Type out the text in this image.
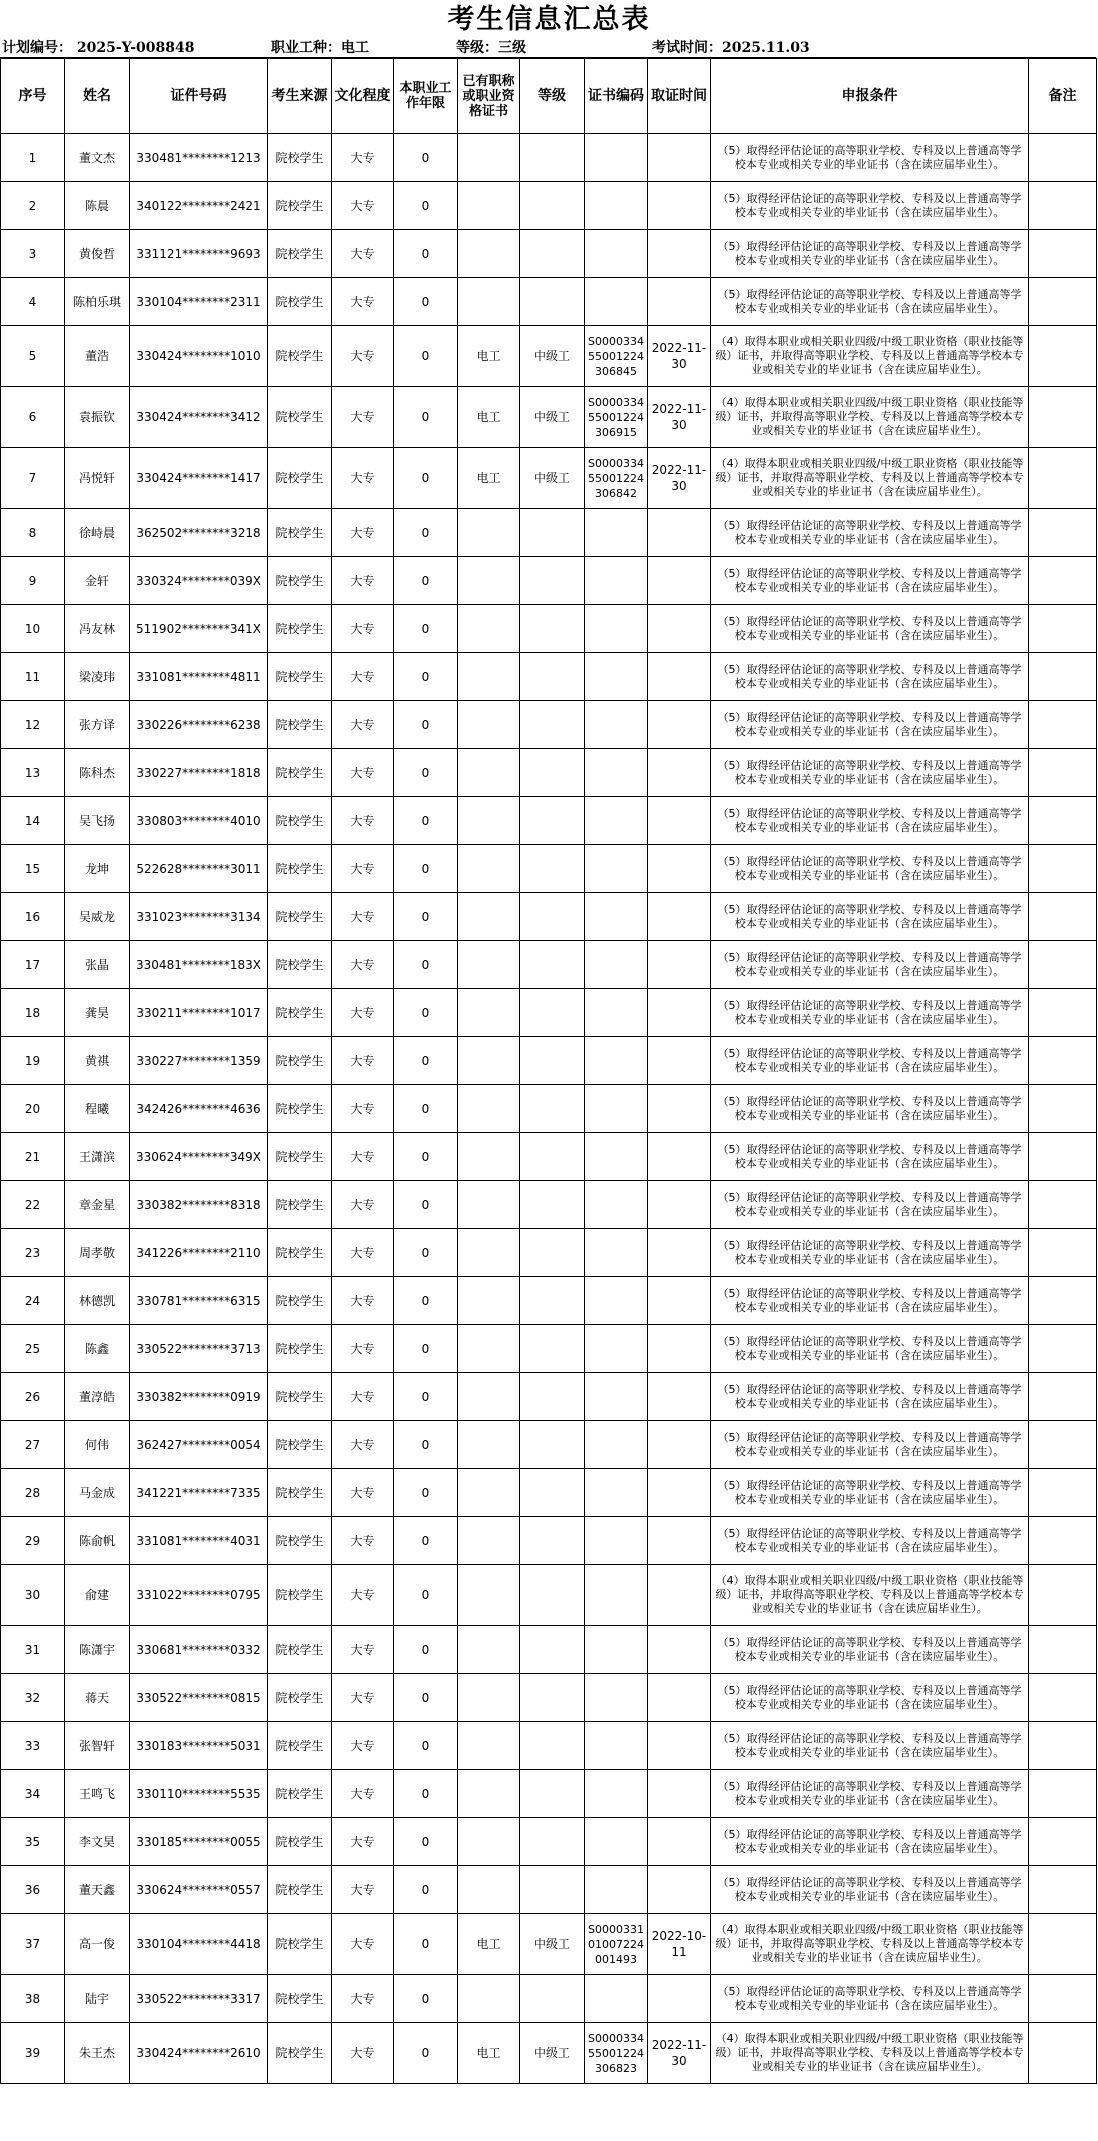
考生信息汇总表
计划编号： 2025-Y-008848	职业工种：电工	等级：三级	考试时间：2025.11.03
序号	姓名	证件号码	考生来源	文化程度	本职业工作年限	已有职称或职业资格证书	等级	证书编码	取证时间	申报条件	备注
1	董文杰	330481********1213	院校学生	大专	0					（5）取得经评估论证的高等职业学校、专科及以上普通高等学校本专业或相关专业的毕业证书（含在读应届毕业生）。	
2	陈晨	340122********2421	院校学生	大专	0					（5）取得经评估论证的高等职业学校、专科及以上普通高等学校本专业或相关专业的毕业证书（含在读应届毕业生）。	
3	黄俊哲	331121********9693	院校学生	大专	0					（5）取得经评估论证的高等职业学校、专科及以上普通高等学校本专业或相关专业的毕业证书（含在读应届毕业生）。	
4	陈柏乐琪	330104********2311	院校学生	大专	0					（5）取得经评估论证的高等职业学校、专科及以上普通高等学校本专业或相关专业的毕业证书（含在读应届毕业生）。	
5	董浩	330424********1010	院校学生	大专	0	电工	中级工	S000033455001224306845	2022-11-30	（4）取得本职业或相关职业四级/中级工职业资格（职业技能等级）证书，并取得高等职业学校、专科及以上普通高等学校本专业或相关专业的毕业证书（含在读应届毕业生）。	
6	袁振钦	330424********3412	院校学生	大专	0	电工	中级工	S000033455001224306915	2022-11-30	（4）取得本职业或相关职业四级/中级工职业资格（职业技能等级）证书，并取得高等职业学校、专科及以上普通高等学校本专业或相关专业的毕业证书（含在读应届毕业生）。	
7	冯悦轩	330424********1417	院校学生	大专	0	电工	中级工	S000033455001224306842	2022-11-30	（4）取得本职业或相关职业四级/中级工职业资格（职业技能等级）证书，并取得高等职业学校、专科及以上普通高等学校本专业或相关专业的毕业证书（含在读应届毕业生）。	
8	徐峙晨	362502********3218	院校学生	大专	0					（5）取得经评估论证的高等职业学校、专科及以上普通高等学校本专业或相关专业的毕业证书（含在读应届毕业生）。	
9	金轩	330324********039X	院校学生	大专	0					（5）取得经评估论证的高等职业学校、专科及以上普通高等学校本专业或相关专业的毕业证书（含在读应届毕业生）。	
10	冯友林	511902********341X	院校学生	大专	0					（5）取得经评估论证的高等职业学校、专科及以上普通高等学校本专业或相关专业的毕业证书（含在读应届毕业生）。	
11	梁凌玮	331081********4811	院校学生	大专	0					（5）取得经评估论证的高等职业学校、专科及以上普通高等学校本专业或相关专业的毕业证书（含在读应届毕业生）。	
12	张方译	330226********6238	院校学生	大专	0					（5）取得经评估论证的高等职业学校、专科及以上普通高等学校本专业或相关专业的毕业证书（含在读应届毕业生）。	
13	陈科杰	330227********1818	院校学生	大专	0					（5）取得经评估论证的高等职业学校、专科及以上普通高等学校本专业或相关专业的毕业证书（含在读应届毕业生）。	
14	吴飞扬	330803********4010	院校学生	大专	0					（5）取得经评估论证的高等职业学校、专科及以上普通高等学校本专业或相关专业的毕业证书（含在读应届毕业生）。	
15	龙坤	522628********3011	院校学生	大专	0					（5）取得经评估论证的高等职业学校、专科及以上普通高等学校本专业或相关专业的毕业证书（含在读应届毕业生）。	
16	吴威龙	331023********3134	院校学生	大专	0					（5）取得经评估论证的高等职业学校、专科及以上普通高等学校本专业或相关专业的毕业证书（含在读应届毕业生）。	
17	张晶	330481********183X	院校学生	大专	0					（5）取得经评估论证的高等职业学校、专科及以上普通高等学校本专业或相关专业的毕业证书（含在读应届毕业生）。	
18	龚昊	330211********1017	院校学生	大专	0					（5）取得经评估论证的高等职业学校、专科及以上普通高等学校本专业或相关专业的毕业证书（含在读应届毕业生）。	
19	黄祺	330227********1359	院校学生	大专	0					（5）取得经评估论证的高等职业学校、专科及以上普通高等学校本专业或相关专业的毕业证书（含在读应届毕业生）。	
20	程曦	342426********4636	院校学生	大专	0					（5）取得经评估论证的高等职业学校、专科及以上普通高等学校本专业或相关专业的毕业证书（含在读应届毕业生）。	
21	王潇滨	330624********349X	院校学生	大专	0					（5）取得经评估论证的高等职业学校、专科及以上普通高等学校本专业或相关专业的毕业证书（含在读应届毕业生）。	
22	章金星	330382********8318	院校学生	大专	0					（5）取得经评估论证的高等职业学校、专科及以上普通高等学校本专业或相关专业的毕业证书（含在读应届毕业生）。	
23	周孝敬	341226********2110	院校学生	大专	0					（5）取得经评估论证的高等职业学校、专科及以上普通高等学校本专业或相关专业的毕业证书（含在读应届毕业生）。	
24	林德凯	330781********6315	院校学生	大专	0					（5）取得经评估论证的高等职业学校、专科及以上普通高等学校本专业或相关专业的毕业证书（含在读应届毕业生）。	
25	陈鑫	330522********3713	院校学生	大专	0					（5）取得经评估论证的高等职业学校、专科及以上普通高等学校本专业或相关专业的毕业证书（含在读应届毕业生）。	
26	董淳皓	330382********0919	院校学生	大专	0					（5）取得经评估论证的高等职业学校、专科及以上普通高等学校本专业或相关专业的毕业证书（含在读应届毕业生）。	
27	何伟	362427********0054	院校学生	大专	0					（5）取得经评估论证的高等职业学校、专科及以上普通高等学校本专业或相关专业的毕业证书（含在读应届毕业生）。	
28	马金成	341221********7335	院校学生	大专	0					（5）取得经评估论证的高等职业学校、专科及以上普通高等学校本专业或相关专业的毕业证书（含在读应届毕业生）。	
29	陈俞帆	331081********4031	院校学生	大专	0					（5）取得经评估论证的高等职业学校、专科及以上普通高等学校本专业或相关专业的毕业证书（含在读应届毕业生）。	
30	俞建	331022********0795	院校学生	大专	0					（4）取得本职业或相关职业四级/中级工职业资格（职业技能等级）证书，并取得高等职业学校、专科及以上普通高等学校本专业或相关专业的毕业证书（含在读应届毕业生）。	
31	陈潇宇	330681********0332	院校学生	大专	0					（5）取得经评估论证的高等职业学校、专科及以上普通高等学校本专业或相关专业的毕业证书（含在读应届毕业生）。	
32	蒋天	330522********0815	院校学生	大专	0					（5）取得经评估论证的高等职业学校、专科及以上普通高等学校本专业或相关专业的毕业证书（含在读应届毕业生）。	
33	张智轩	330183********5031	院校学生	大专	0					（5）取得经评估论证的高等职业学校、专科及以上普通高等学校本专业或相关专业的毕业证书（含在读应届毕业生）。	
34	王鸣飞	330110********5535	院校学生	大专	0					（5）取得经评估论证的高等职业学校、专科及以上普通高等学校本专业或相关专业的毕业证书（含在读应届毕业生）。	
35	李文昊	330185********0055	院校学生	大专	0					（5）取得经评估论证的高等职业学校、专科及以上普通高等学校本专业或相关专业的毕业证书（含在读应届毕业生）。	
36	董天鑫	330624********0557	院校学生	大专	0					（5）取得经评估论证的高等职业学校、专科及以上普通高等学校本专业或相关专业的毕业证书（含在读应届毕业生）。	
37	高一俊	330104********4418	院校学生	大专	0	电工	中级工	S000033101007224001493	2022-10-11	（4）取得本职业或相关职业四级/中级工职业资格（职业技能等级）证书，并取得高等职业学校、专科及以上普通高等学校本专业或相关专业的毕业证书（含在读应届毕业生）。	
38	陆宇	330522********3317	院校学生	大专	0					（5）取得经评估论证的高等职业学校、专科及以上普通高等学校本专业或相关专业的毕业证书（含在读应届毕业生）。	
39	朱王杰	330424********2610	院校学生	大专	0	电工	中级工	S000033455001224306823	2022-11-30	（4）取得本职业或相关职业四级/中级工职业资格（职业技能等级）证书，并取得高等职业学校、专科及以上普通高等学校本专业或相关专业的毕业证书（含在读应届毕业生）。	
